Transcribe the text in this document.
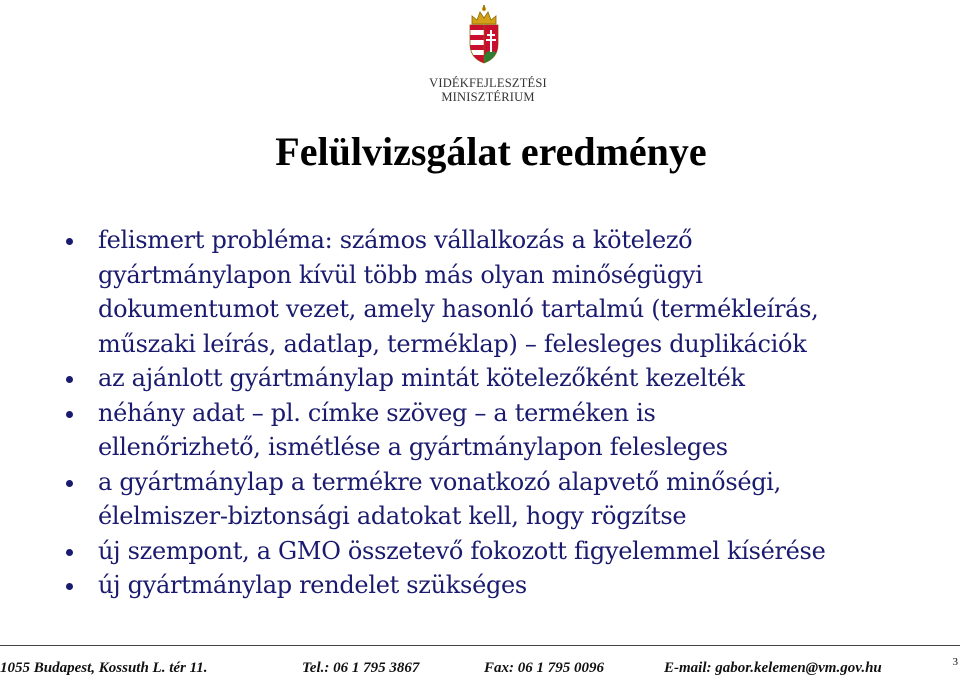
VIDÉKFEJLESZTÉSI
MINISZTÉRIUM
Felülvizsgálat eredménye
felismert probléma: számos vállalkozás a kötelező
gyártmánylapon kívül több más olyan minőségügyi
dokumentumot vezet, amely hasonló tartalmú (termékleírás,
műszaki leírás, adatlap, terméklap) – felesleges duplikációk
az ajánlott gyártmánylap mintát kötelezőként kezelték
néhány adat – pl. címke szöveg – a terméken is
ellenőrizhető, ismétlése a gyártmánylapon felesleges
a gyártmánylap a termékre vonatkozó alapvető minőségi,
élelmiszer-biztonsági adatokat kell, hogy rögzítse
új szempont, a GMO összetevő fokozott figyelemmel kísérése
új gyártmánylap rendelet szükséges
1055 Budapest, Kossuth L. tér 11.	Tel.: 06 1 795 3867	Fax: 06 1 795 0096	E-mail: gabor.kelemen@vm.gov.hu	3
